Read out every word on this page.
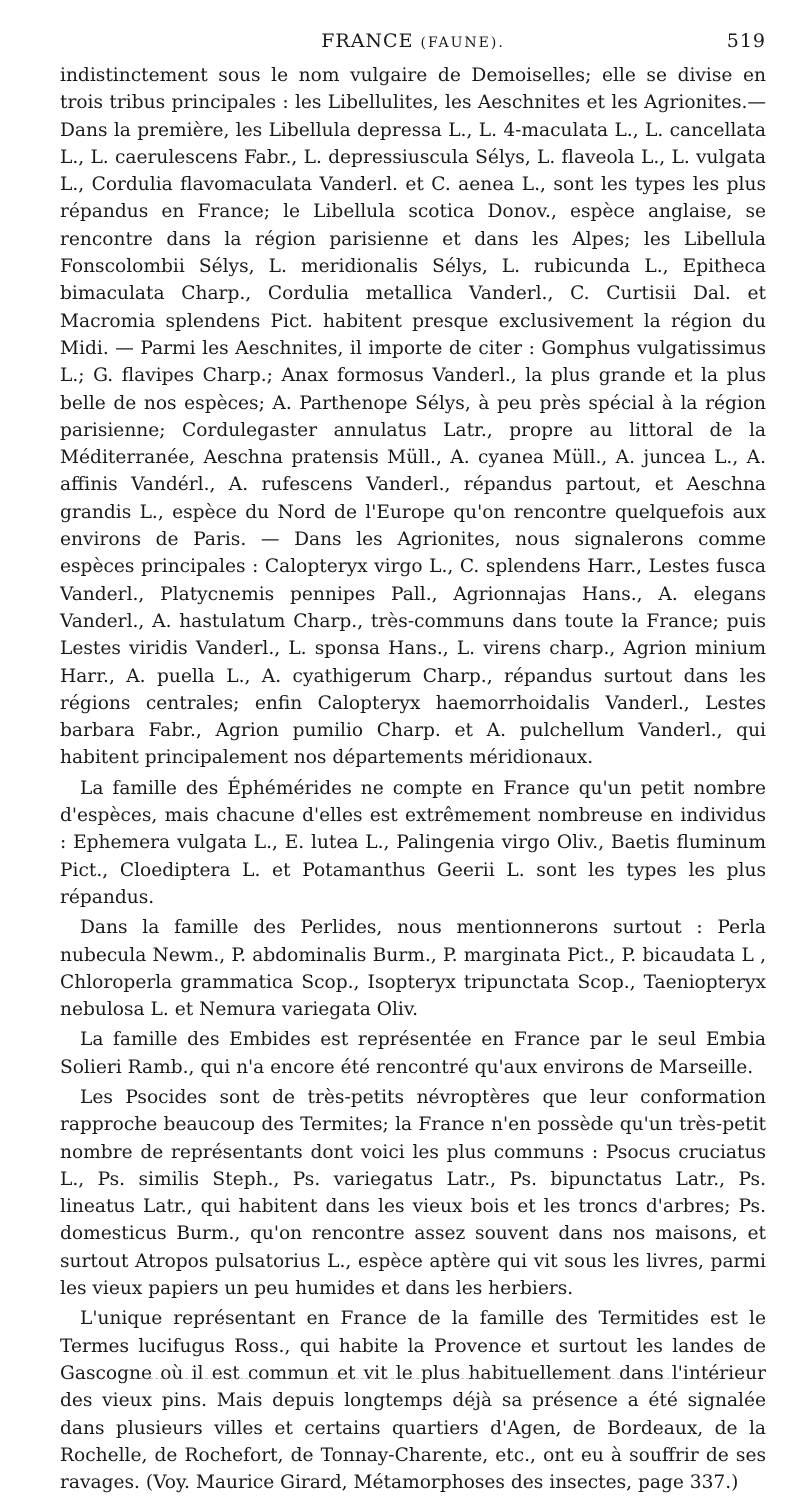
FRANCE (FAUNE).	519

indistinctement sous le nom vulgaire de Demoiselles; elle se divise en trois tribus principales : les Libellulites, les Aeschnites et les Agrionites.— Dans la première, les Libellula depressa L., L. 4-maculata L., L. cancellata L., L. caerulescens Fabr., L. depressiuscula Sélys, L. flaveola L., L. vulgata L., Cordulia flavomaculata Vanderl. et C. aenea L., sont les types les plus répandus en France; le Libellula scotica Donov., espèce anglaise, se rencontre dans la région parisienne et dans les Alpes; les Libellula Fonscolombii Sélys, L. meridionalis Sélys, L. rubicunda L., Epitheca bimaculata Charp., Cordulia metallica Vanderl., C. Curtisii Dal. et Macromia splendens Pict. habitent presque exclusivement la région du Midi. — Parmi les Aeschnites, il importe de citer : Gomphus vulgatissimus L.; G. flavipes Charp.; Anax formosus Vanderl., la plus grande et la plus belle de nos espèces; A. Parthenope Sélys, à peu près spécial à la région parisienne; Cordulegaster annulatus Latr., propre au littoral de la Méditerranée, Aeschna pratensis Müll., A. cyanea Müll., A. juncea L., A. affinis Vandérl., A. rufescens Vanderl., répandus partout, et Aeschna grandis L., espèce du Nord de l'Europe qu'on rencontre quelquefois aux environs de Paris. — Dans les Agrionites, nous signalerons comme espèces principales : Calopteryx virgo L., C. splendens Harr., Lestes fusca Vanderl., Platycnemis pennipes Pall., Agrionnajas Hans., A. elegans Vanderl., A. hastulatum Charp., très-communs dans toute la France; puis Lestes viridis Vanderl., L. sponsa Hans., L. virens charp., Agrion minium Harr., A. puella L., A. cyathigerum Charp., répandus surtout dans les régions centrales; enfin Calopteryx haemorrhoidalis Vanderl., Lestes barbara Fabr., Agrion pumilio Charp. et A. pulchellum Vanderl., qui habitent principalement nos départements méridionaux.

La famille des Éphémérides ne compte en France qu'un petit nombre d'espèces, mais chacune d'elles est extrêmement nombreuse en individus : Ephemera vulgata L., E. lutea L., Palingenia virgo Oliv., Baetis fluminum Pict., Cloediptera L. et Potamanthus Geerii L. sont les types les plus répandus.

Dans la famille des Perlides, nous mentionnerons surtout : Perla nubecula Newm., P. abdominalis Burm., P. marginata Pict., P. bicaudata L , Chloroperla grammatica Scop., Isopteryx tripunctata Scop., Taeniopteryx nebulosa L. et Nemura variegata Oliv.

La famille des Embides est représentée en France par le seul Embia Solieri Ramb., qui n'a encore été rencontré qu'aux environs de Marseille.

Les Psocides sont de très-petits névroptères que leur conformation rapproche beaucoup des Termites; la France n'en possède qu'un très-petit nombre de représentants dont voici les plus communs : Psocus cruciatus L., Ps. similis Steph., Ps. variegatus Latr., Ps. bipunctatus Latr., Ps. lineatus Latr., qui habitent dans les vieux bois et les troncs d'arbres; Ps. domesticus Burm., qu'on rencontre assez souvent dans nos maisons, et surtout Atropos pulsatorius L., espèce aptère qui vit sous les livres, parmi les vieux papiers un peu humides et dans les herbiers.

L'unique représentant en France de la famille des Termitides est le Termes lucifugus Ross., qui habite la Provence et surtout les landes de Gascogne où il est commun et vit le plus habituellement dans l'intérieur des vieux pins. Mais depuis longtemps déjà sa présence a été signalée dans plusieurs villes et certains quartiers d'Agen, de Bordeaux, de la Rochelle, de Rochefort, de Tonnay-Charente, etc., ont eu à souffrir de ses ravages. (Voy. Maurice Girard, Métamorphoses des insectes, page 337.)
